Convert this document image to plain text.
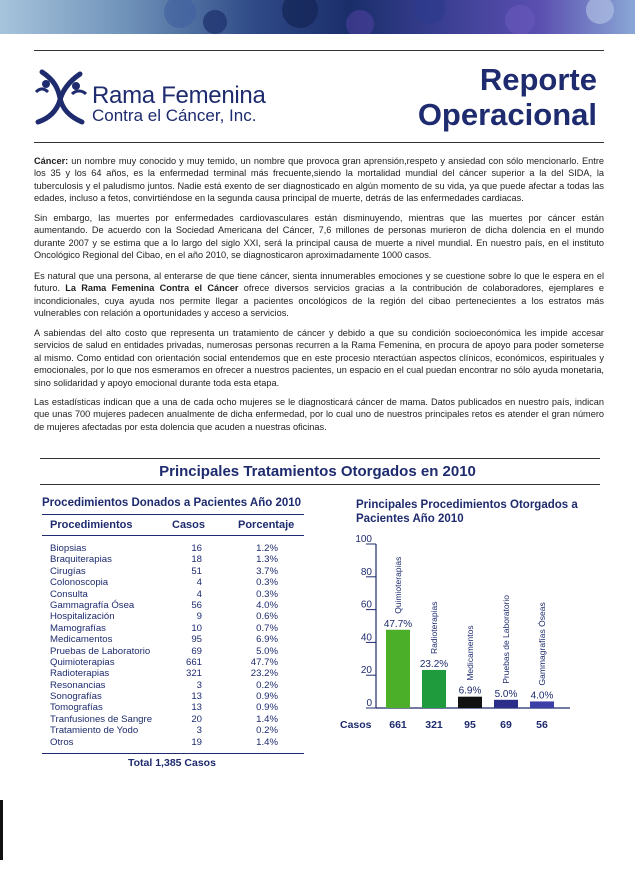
Rama Femenina
Contra el Cáncer, Inc.
Reporte
Operacional

Cáncer: un nombre muy conocido y muy temido, un nombre que provoca gran aprensión,respeto y ansiedad con sólo mencionarlo. Entre los 35 y los 64 años, es la enfermedad terminal más frecuente,siendo la mortalidad mundial del cáncer superior a la del SIDA, la tuberculosis y el paludismo juntos. Nadie está exento de ser diagnosticado en algún momento de su vida, ya que puede afectar a todas las edades, incluso a fetos, convirtiéndose en la segunda causa principal de muerte, detrás de las enfermedades cardiacas.

Sin embargo, las muertes por enfermedades cardiovasculares están disminuyendo, mientras que las muertes por cáncer están aumentando. De acuerdo con la Sociedad Americana del Cáncer, 7,6 millones de personas murieron de dicha dolencia en el mundo durante 2007 y se estima que a lo largo del siglo XXI, será la principal causa de muerte a nivel mundial. En nuestro país, en el instituto Oncológico Regional del Cibao, en el año 2010, se diagnosticaron aproximadamente 1000 casos.

Es natural que una persona, al enterarse de que tiene cáncer, sienta innumerables emociones y se cuestione sobre lo que le espera en el futuro. La Rama Femenina Contra el Cáncer ofrece diversos servicios gracias a la contribución de colaboradores, ejemplares e incondicionales, cuya ayuda nos permite llegar a pacientes oncológicos de la región del cibao pertenecientes a los estratos más vulnerables con relación a oportunidades y acceso a servicios.

A sabiendas del alto costo que representa un tratamiento de cáncer y debido a que su condición socioeconómica les impide accesar servicios de salud en entidades privadas, numerosas personas recurren a la Rama Femenina, en procura de apoyo para poder someterse al mismo. Como entidad con orientación social entendemos que en este procesio nteractúan aspectos clínicos, económicos, espirituales y emocionales, por lo que nos esmeramos en ofrecer a nuestros pacientes, un espacio en el cual puedan encontrar no sólo ayuda monetaria, sino solidaridad y apoyo emocional durante toda esta etapa.

Las estadísticas indican que a una de cada ocho mujeres se le diagnosticará cáncer de mama. Datos publicados en nuestro país, indican que unas 700 mujeres padecen anualmente de dicha enfermedad, por lo cual uno de nuestros principales retos es atender el gran número de mujeres afectadas por esta dolencia que acuden a nuestras oficinas.

Principales Tratamientos Otorgados en 2010
Procedimientos Donados a Pacientes Año 2010
Procedimientos	Casos	Porcentaje
Biopsias	16	1.2%
Braquiterapias	18	1.3%
Cirugías	51	3.7%
Colonoscopia	4	0.3%
Consulta	4	0.3%
Gammagrafía Ósea	56	4.0%
Hospitalización	9	0.6%
Mamografías	10	0.7%
Medicamentos	95	6.9%
Pruebas de Laboratorio	69	5.0%
Quimioterapias	661	47.7%
Radioterapias	321	23.2%
Resonancias	3	0.2%
Sonografías	13	0.9%
Tomografías	13	0.9%
Tranfusiones de Sangre	20	1.4%
Tratamiento de Yodo	3	0.2%
Otros	19	1.4%
Total 1,385 Casos
Principales Procedimientos Otorgados a Pacientes Año 2010
0
20
40
60
80
100
47.7%
Quimioterapias
661
23.2%
Radioterapias
321
6.9%
Medicamentos
95
5.0%
Pruebas de Laboratorio
69
4.0%
Gammagrafías Óseas
56
Casos
